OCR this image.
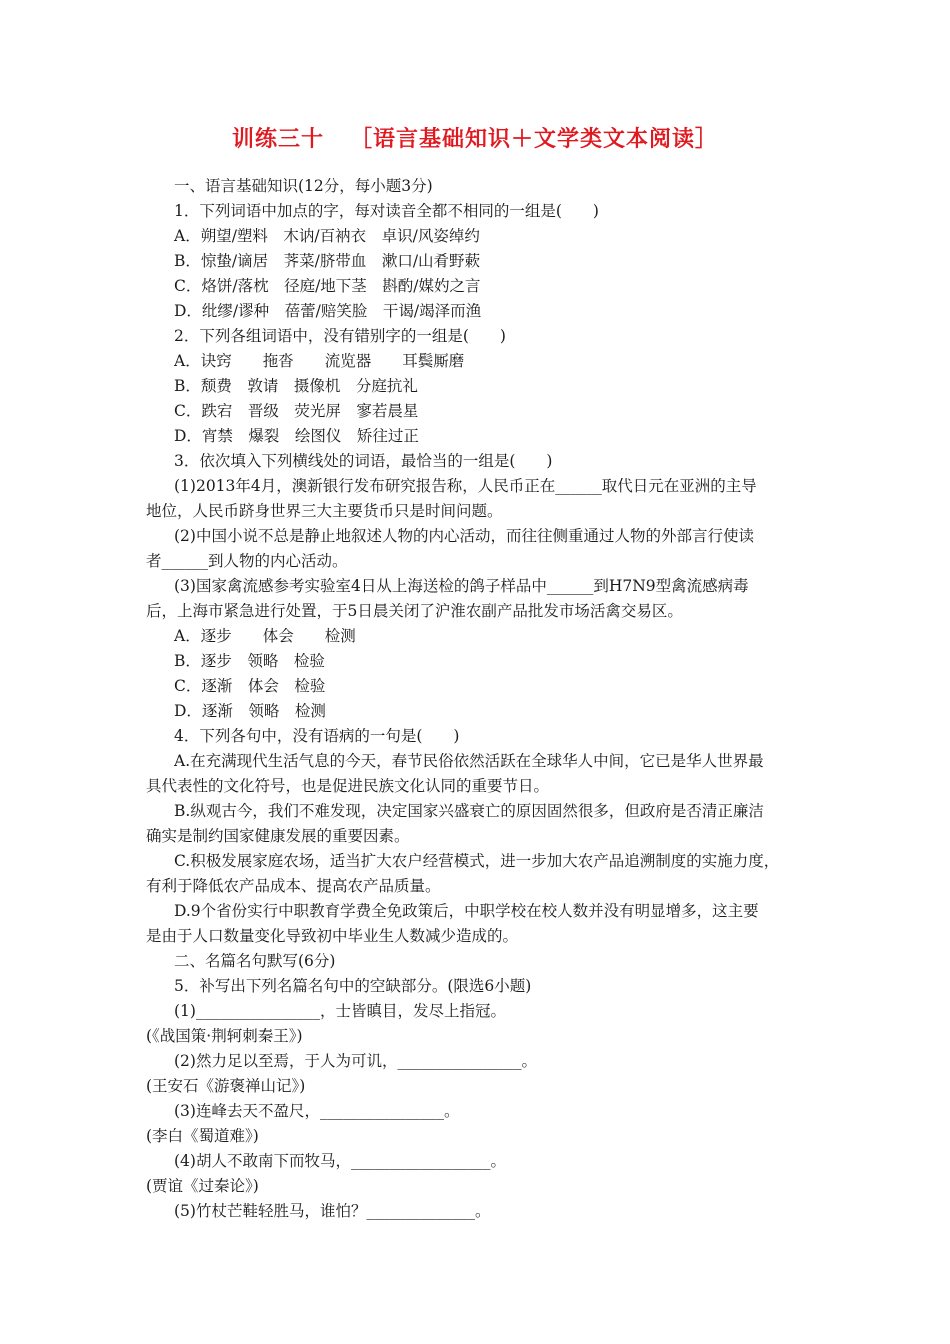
训练三十 ［语言基础知识＋文学类文本阅读］
一、语言基础知识(12分，每小题3分)
1．下列词语中加点的字，每对读音全都不相同的一组是(　　)
A．朔望/塑料　木讷/百衲衣　卓识/风姿绰约
B．惊蛰/谪居　荠菜/脐带血　漱口/山肴野蔌
C．烙饼/落枕　径庭/地下茎　斟酌/媒妁之言
D．纰缪/谬种　蓓蕾/赔笑脸　干谒/竭泽而渔
2．下列各组词语中，没有错别字的一组是(　　)
A．诀窍　　拖沓　　流览器　　耳鬓厮磨
B．颓费　敦请　摄像机　分庭抗礼
C．跌宕　晋级　荧光屏　寥若晨星
D．宵禁　爆裂　绘图仪　矫往过正
3．依次填入下列横线处的词语，最恰当的一组是(　　)
(1)2013年4月，澳新银行发布研究报告称，人民币正在______取代日元在亚洲的主导
地位，人民币跻身世界三大主要货币只是时间问题。
(2)中国小说不总是静止地叙述人物的内心活动，而往往侧重通过人物的外部言行使读
者______到人物的内心活动。
(3)国家禽流感参考实验室4日从上海送检的鸽子样品中______到H7N9型禽流感病毒
后，上海市紧急进行处置，于5日晨关闭了沪淮农副产品批发市场活禽交易区。
A．逐步　　体会　　检测
B．逐步　领略　检验
C．逐渐　体会　检验
D．逐渐　领略　检测
4．下列各句中，没有语病的一句是(　　)
A.在充满现代生活气息的今天，春节民俗依然活跃在全球华人中间，它已是华人世界最
具代表性的文化符号，也是促进民族文化认同的重要节日。
B.纵观古今，我们不难发现，决定国家兴盛衰亡的原因固然很多，但政府是否清正廉洁
确实是制约国家健康发展的重要因素。
C.积极发展家庭农场，适当扩大农户经营模式，进一步加大农产品追溯制度的实施力度，
有利于降低农产品成本、提高农产品质量。
D.9个省份实行中职教育学费全免政策后，中职学校在校人数并没有明显增多，这主要
是由于人口数量变化导致初中毕业生人数减少造成的。
二、名篇名句默写(6分)
5．补写出下列名篇名句中的空缺部分。(限选6小题)
(1)________________，士皆瞋目，发尽上指冠。
(《战国策·荆轲刺秦王》)
(2)然力足以至焉，于人为可讥，________________。
(王安石《游褒禅山记》)
(3)连峰去天不盈尺，________________。
(李白《蜀道难》)
(4)胡人不敢南下而牧马，__________________。
(贾谊《过秦论》)
(5)竹杖芒鞋轻胜马，谁怕？______________。
